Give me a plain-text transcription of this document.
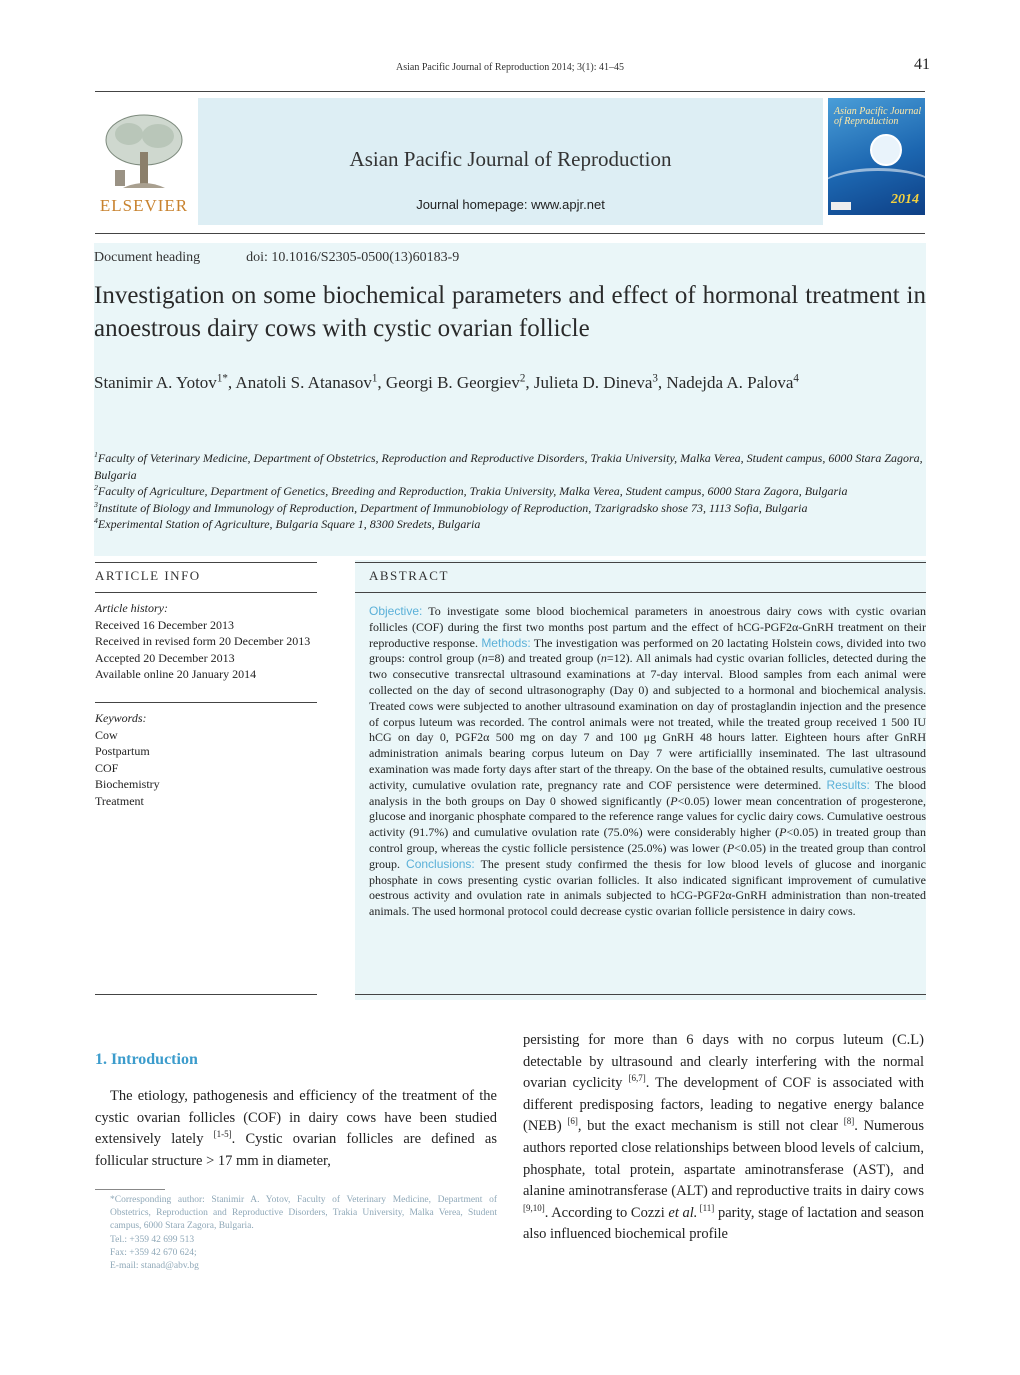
Asian Pacific Journal of Reproduction 2014; 3(1): 41–45	41
ELSEVIER
Asian Pacific Journal of Reproduction
Journal homepage: www.apjr.net
Asian Pacific Journal of Reproduction
2014
Document heading	doi: 10.1016/S2305-0500(13)60183-9
Investigation on some biochemical parameters and effect of hormonal treatment in anoestrous dairy cows with cystic ovarian follicle
Stanimir A. Yotov$^{1*}$, Anatoli S. Atanasov$^1$, Georgi B. Georgiev$^2$, Julieta D. Dineva$^3$, Nadejda A. Palova$^4$
$^1$Faculty of Veterinary Medicine, Department of Obstetrics, Reproduction and Reproductive Disorders, Trakia University, Malka Verea, Student campus, 6000 Stara Zagora, Bulgaria
$^2$Faculty of Agriculture, Department of Genetics, Breeding and Reproduction, Trakia University, Malka Verea, Student campus, 6000 Stara Zagora, Bulgaria
$^3$Institute of Biology and Immunology of Reproduction, Department of Immunobiology of Reproduction, Tzarigradsko shose 73, 1113 Sofia, Bulgaria
$^4$Experimental Station of Agriculture, Bulgaria Square 1, 8300 Sredets, Bulgaria
ARTICLE INFO	ABSTRACT
Article history:
Received 16 December 2013
Received in revised form 20 December 2013
Accepted 20 December 2013
Available online 20 January 2014
Keywords:
Cow
Postpartum
COF
Biochemistry
Treatment
Objective: To investigate some blood biochemical parameters in anoestrous dairy cows with cystic ovarian follicles (COF) during the first two months post partum and the effect of hCG-PGF2α-GnRH treatment on their reproductive response. Methods: The investigation was performed on 20 lactating Holstein cows, divided into two groups: control group (n=8) and treated group (n=12). All animals had cystic ovarian follicles, detected during the two consecutive transrectal ultrasound examinations at 7-day interval. Blood samples from each animal were collected on the day of second ultrasonography (Day 0) and subjected to a hormonal and biochemical analysis. Treated cows were subjected to another ultrasound examination on day of prostaglandin injection and the presence of corpus luteum was recorded. The control animals were not treated, while the treated group received 1 500 IU hCG on day 0, PGF2α 500 mg on day 7 and 100 μg GnRH 48 hours latter. Eighteen hours after GnRH administration animals bearing corpus luteum on Day 7 were artificiallly inseminated. The last ultrasound examination was made forty days after start of the threapy. On the base of the obtained results, cumulative oestrous activity, cumulative ovulation rate, pregnancy rate and COF persistence were determined. Results: The blood analysis in the both groups on Day 0 showed significantly (P<0.05) lower mean concentration of progesterone, glucose and inorganic phosphate compared to the reference range values for cyclic dairy cows. Cumulative oestrous activity (91.7%) and cumulative ovulation rate (75.0%) were considerably higher (P<0.05) in treated group than control group, whereas the cystic follicle persistence (25.0%) was lower (P<0.05) in the treated group than control group. Conclusions: The present study confirmed the thesis for low blood levels of glucose and inorganic phosphate in cows presenting cystic ovarian follicles. It also indicated significant improvement of cumulative oestrous activity and ovulation rate in animals subjected to hCG-PGF2α-GnRH administration than non-treated animals. The used hormonal protocol could decrease cystic ovarian follicle persistence in dairy cows.
1. Introduction
The etiology, pathogenesis and efficiency of the treatment of the cystic ovarian follicles (COF) in dairy cows have been studied extensively lately [1-5]. Cystic ovarian follicles are defined as follicular structure > 17 mm in diameter,
persisting for more than 6 days with no corpus luteum (C.L) detectable by ultrasound and clearly interfering with the normal ovarian cyclicity [6,7]. The development of COF is associated with different predisposing factors, leading to negative energy balance (NEB) [6], but the exact mechanism is still not clear [8]. Numerous authors reported close relationships between blood levels of calcium, phosphate, total protein, aspartate aminotransferase (AST), and alanine aminotransferase (ALT) and reproductive traits in dairy cows [9,10]. According to Cozzi et al. [11] parity, stage of lactation and season also influenced biochemical profile
*Corresponding author: Stanimir A. Yotov, Faculty of Veterinary Medicine, Department of Obstetrics, Reproduction and Reproductive Disorders, Trakia University, Malka Verea, Student campus, 6000 Stara Zagora, Bulgaria.
Tel.: +359 42 699 513
Fax: +359 42 670 624;
E-mail: stanad@abv.bg
